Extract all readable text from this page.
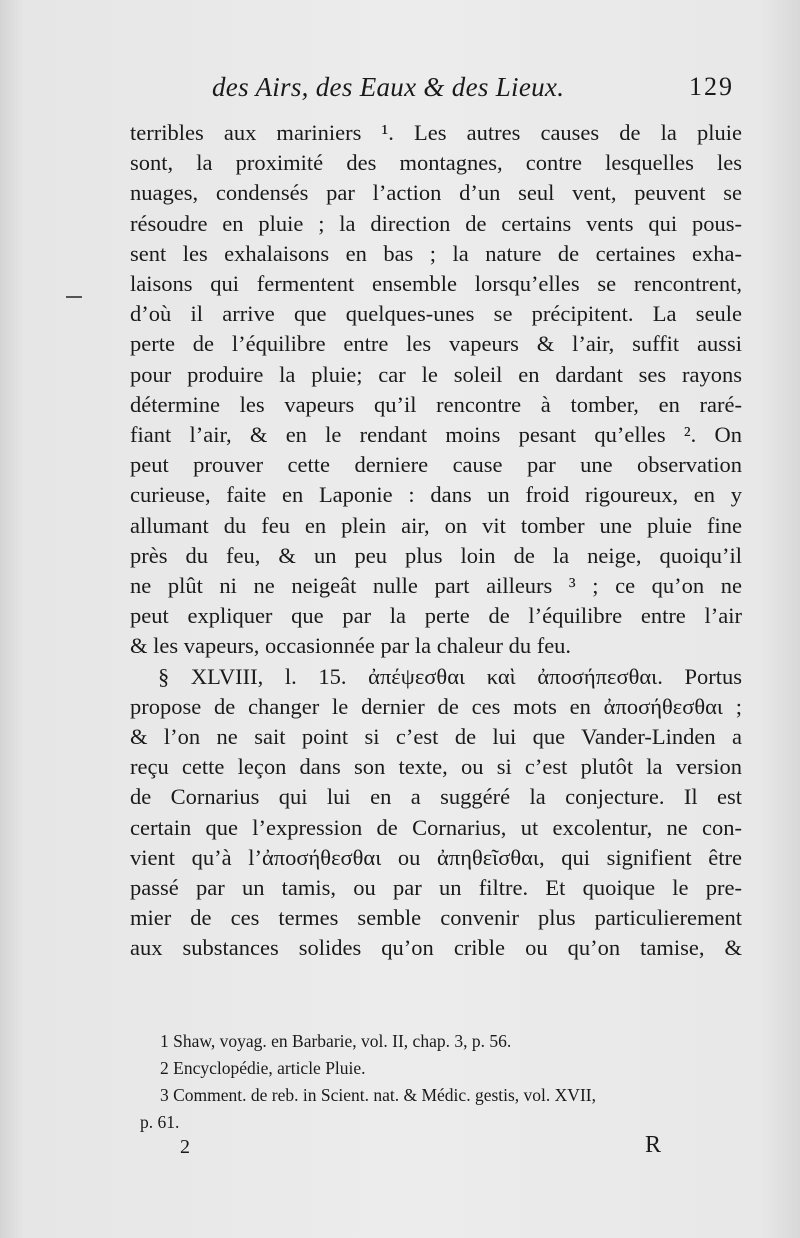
des Airs, des Eaux & des Lieux.	129

terribles aux mariniers ¹. Les autres causes de la pluie

sont, la proximité des montagnes, contre lesquelles les

nuages, condensés par l’action d’un seul vent, peuvent se

résoudre en pluie ; la direction de certains vents qui pous-

sent les exhalaisons en bas ; la nature de certaines exha-

laisons qui fermentent ensemble lorsqu’elles se rencontrent,

d’où il arrive que quelques-unes se précipitent. La seule

perte de l’équilibre entre les vapeurs & l’air, suffit aussi

pour produire la pluie; car le soleil en dardant ses rayons

détermine les vapeurs qu’il rencontre à tomber, en raré-

fiant l’air, & en le rendant moins pesant qu’elles ². On

peut prouver cette derniere cause par une observation

curieuse, faite en Laponie : dans un froid rigoureux, en y

allumant du feu en plein air, on vit tomber une pluie fine

près du feu, & un peu plus loin de la neige, quoiqu’il

ne plût ni ne neigeât nulle part ailleurs ³ ; ce qu’on ne

peut expliquer que par la perte de l’équilibre entre l’air

& les vapeurs, occasionnée par la chaleur du feu.

§ XLVIII, l. 15. ἀπέψεσθαι καὶ ἀποσήπεσθαι. Portus

propose de changer le dernier de ces mots en ἀποσήθεσθαι ;

& l’on ne sait point si c’est de lui que Vander-Linden a

reçu cette leçon dans son texte, ou si c’est plutôt la version

de Cornarius qui lui en a suggéré la conjecture. Il est

certain que l’expression de Cornarius, ut excolentur, ne con-

vient qu’à l’ἀποσήθεσθαι ou ἀπηθεῖσθαι, qui signifient être

passé par un tamis, ou par un filtre. Et quoique le pre-

mier de ces termes semble convenir plus particulierement

aux substances solides qu’on crible ou qu’on tamise, &

1 Shaw, voyag. en Barbarie, vol. II, chap. 3, p. 56.

2 Encyclopédie, article Pluie.

3 Comment. de reb. in Scient. nat. & Médic. gestis, vol. XVII,

p. 61.

2	R
